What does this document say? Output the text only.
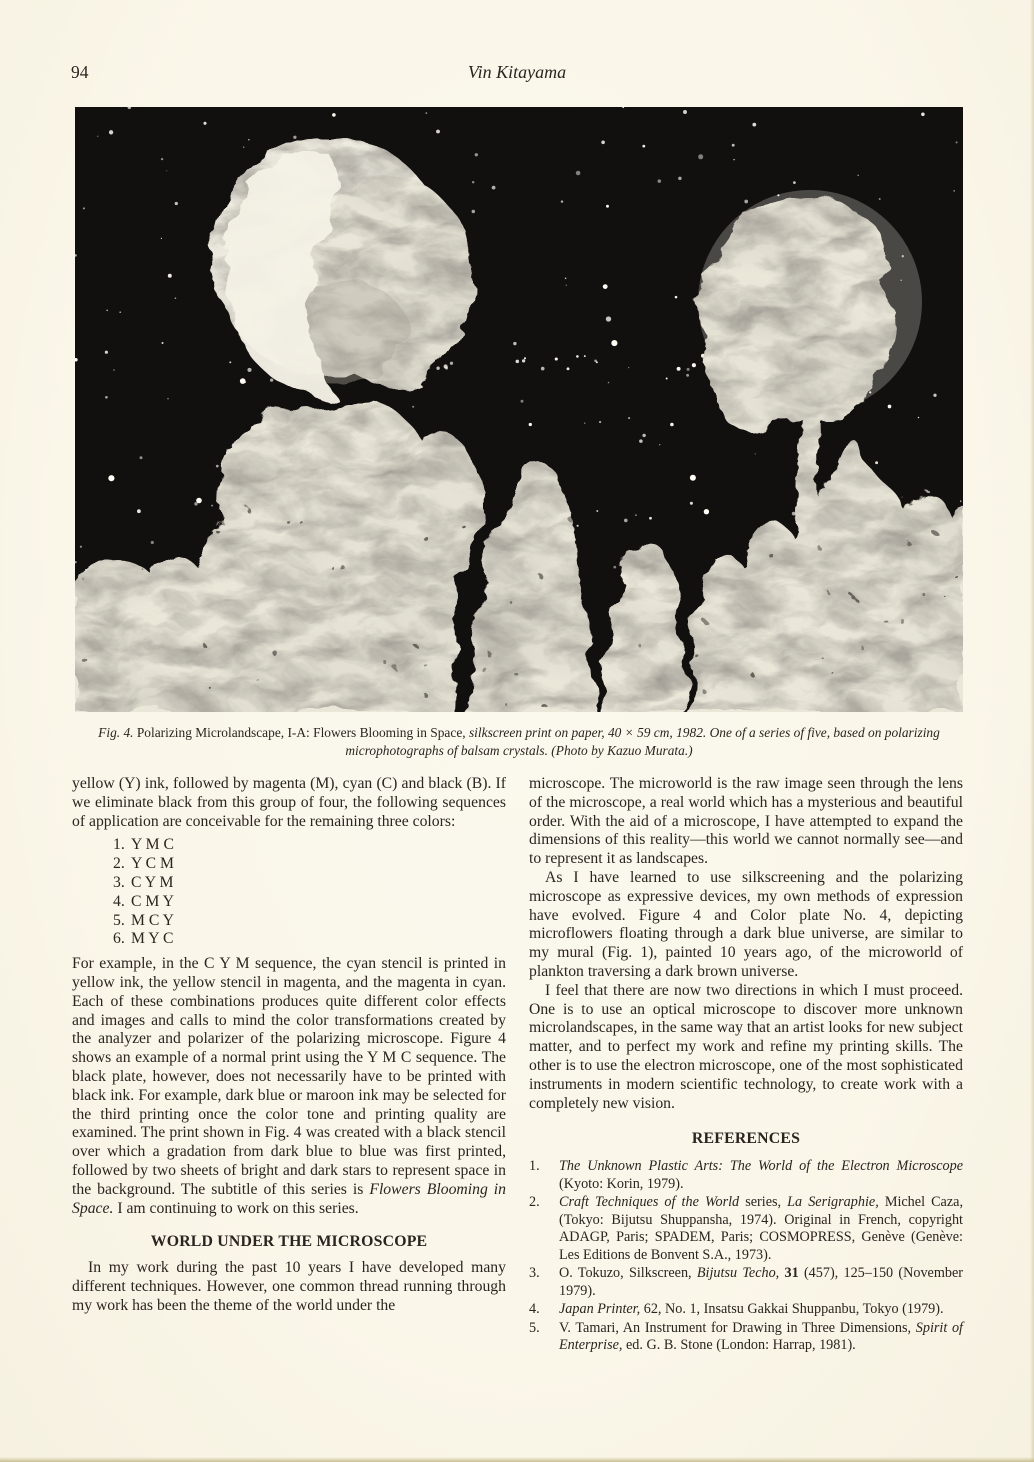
94	Vin Kitayama
Fig. 4. Polarizing Microlandscape, I-A: Flowers Blooming in Space, silkscreen print on paper, 40 × 59 cm, 1982. One of a series of five, based on polarizing microphotographs of balsam crystals. (Photo by Kazuo Murata.)

yellow (Y) ink, followed by magenta (M), cyan (C) and black (B). If we eliminate black from this group of four, the following sequences of application are conceivable for the remaining three colors:

1. Y M C
2. Y C M
3. C Y M
4. C M Y
5. M C Y
6. M Y C

For example, in the C Y M sequence, the cyan stencil is printed in yellow ink, the yellow stencil in magenta, and the magenta in cyan. Each of these combinations produces quite different color effects and images and calls to mind the color transformations created by the analyzer and polarizer of the polarizing microscope. Figure 4 shows an example of a normal print using the Y M C sequence. The black plate, however, does not necessarily have to be printed with black ink. For example, dark blue or maroon ink may be selected for the third printing once the color tone and printing quality are examined. The print shown in Fig. 4 was created with a black stencil over which a gradation from dark blue to blue was first printed, followed by two sheets of bright and dark stars to represent space in the background. The subtitle of this series is Flowers Blooming in Space. I am continuing to work on this series.

WORLD UNDER THE MICROSCOPE

In my work during the past 10 years I have developed many different techniques. However, one common thread running through my work has been the theme of the world under the

microscope. The microworld is the raw image seen through the lens of the microscope, a real world which has a mysterious and beautiful order. With the aid of a microscope, I have attempted to expand the dimensions of this reality—this world we cannot normally see—and to represent it as landscapes.

As I have learned to use silkscreening and the polarizing microscope as expressive devices, my own methods of expression have evolved. Figure 4 and Color plate No. 4, depicting microflowers floating through a dark blue universe, are similar to my mural (Fig. 1), painted 10 years ago, of the microworld of plankton traversing a dark brown universe.

I feel that there are now two directions in which I must proceed. One is to use an optical microscope to discover more unknown microlandscapes, in the same way that an artist looks for new subject matter, and to perfect my work and refine my printing skills. The other is to use the electron microscope, one of the most sophisticated instruments in modern scientific technology, to create work with a completely new vision.

REFERENCES
1. The Unknown Plastic Arts: The World of the Electron Microscope (Kyoto: Korin, 1979).
2. Craft Techniques of the World series, La Serigraphie, Michel Caza, (Tokyo: Bijutsu Shuppansha, 1974). Original in French, copyright ADAGP, Paris; SPADEM, Paris; COSMOPRESS, Genève (Genève: Les Editions de Bonvent S.A., 1973).
3. O. Tokuzo, Silkscreen, Bijutsu Techo, 31 (457), 125–150 (November 1979).
4. Japan Printer, 62, No. 1, Insatsu Gakkai Shuppanbu, Tokyo (1979).
5. V. Tamari, An Instrument for Drawing in Three Dimensions, Spirit of Enterprise, ed. G. B. Stone (London: Harrap, 1981).
